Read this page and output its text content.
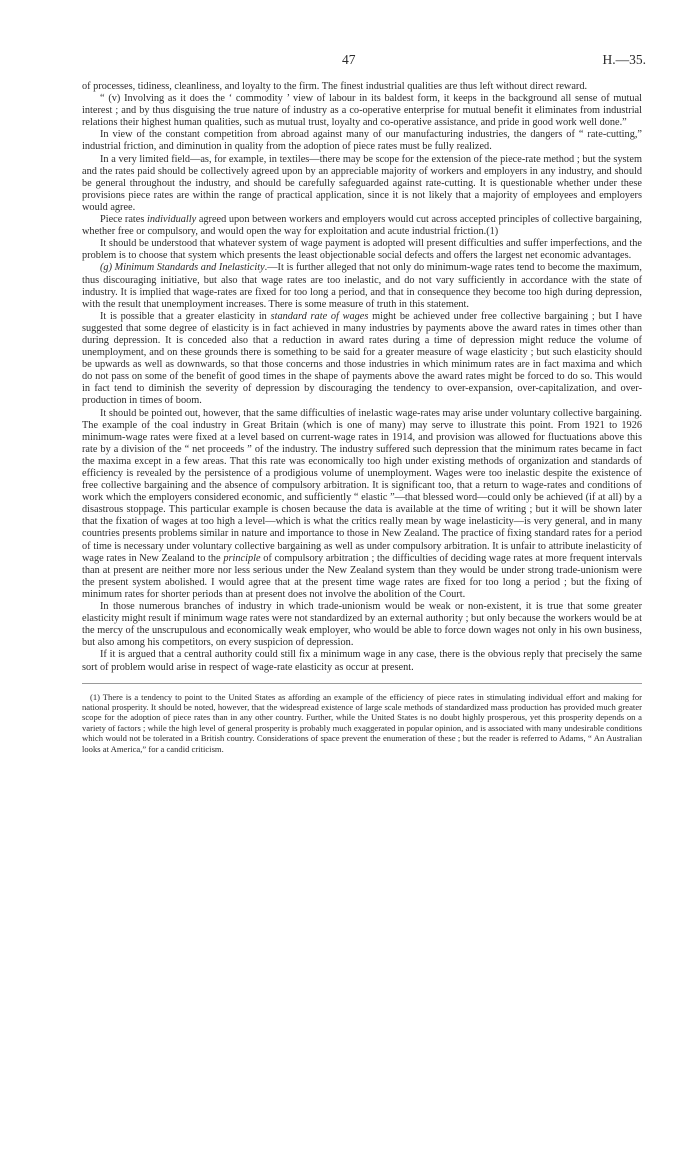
47	H.—35.

of processes, tidiness, cleanliness, and loyalty to the firm. The finest industrial qualities are thus left without direct reward.

“ (v) Involving as it does the ‘ commodity ’ view of labour in its baldest form, it keeps in the background all sense of mutual interest ; and by thus disguising the true nature of industry as a co-operative enterprise for mutual benefit it eliminates from industrial relations their highest human qualities, such as mutual trust, loyalty and co-operative assistance, and pride in good work well done.”

In view of the constant competition from abroad against many of our manufacturing industries, the dangers of “ rate-cutting,” industrial friction, and diminution in quality from the adoption of piece rates must be fully realized.

In a very limited field—as, for example, in textiles—there may be scope for the extension of the piece-rate method ; but the system and the rates paid should be collectively agreed upon by an appreciable majority of workers and employers in any industry, and should be general throughout the industry, and should be carefully safeguarded against rate-cutting. It is questionable whether under these provisions piece rates are within the range of practical application, since it is not likely that a majority of employees and employers would agree.

Piece rates individually agreed upon between workers and employers would cut across accepted principles of collective bargaining, whether free or compulsory, and would open the way for exploitation and acute industrial friction.(1)

It should be understood that whatever system of wage payment is adopted will present difficulties and suffer imperfections, and the problem is to choose that system which presents the least objectionable social defects and offers the largest net economic advantages.

(g) Minimum Standards and Inelasticity.—It is further alleged that not only do minimum-wage rates tend to become the maximum, thus discouraging initiative, but also that wage rates are too inelastic, and do not vary sufficiently in accordance with the state of industry. It is implied that wage-rates are fixed for too long a period, and that in consequence they become too high during depression, with the result that unemployment increases. There is some measure of truth in this statement.

It is possible that a greater elasticity in standard rate of wages might be achieved under free collective bargaining ; but I have suggested that some degree of elasticity is in fact achieved in many industries by payments above the award rates in times other than during depression. It is conceded also that a reduction in award rates during a time of depression might reduce the volume of unemployment, and on these grounds there is something to be said for a greater measure of wage elasticity ; but such elasticity should be upwards as well as downwards, so that those concerns and those industries in which minimum rates are in fact maxima and which do not pass on some of the benefit of good times in the shape of payments above the award rates might be forced to do so. This would in fact tend to diminish the severity of depression by discouraging the tendency to over-expansion, over-capitalization, and over-production in times of boom.

It should be pointed out, however, that the same difficulties of inelastic wage-rates may arise under voluntary collective bargaining. The example of the coal industry in Great Britain (which is one of many) may serve to illustrate this point. From 1921 to 1926 minimum-wage rates were fixed at a level based on current-wage rates in 1914, and provision was allowed for fluctuations above this rate by a division of the “ net proceeds ” of the industry. The industry suffered such depression that the minimum rates became in fact the maxima except in a few areas. That this rate was economically too high under existing methods of organization and standards of efficiency is revealed by the persistence of a prodigious volume of unemployment. Wages were too inelastic despite the existence of free collective bargaining and the absence of compulsory arbitration. It is significant too, that a return to wage-rates and conditions of work which the employers considered economic, and sufficiently “ elastic ”—that blessed word—could only be achieved (if at all) by a disastrous stoppage. This particular example is chosen because the data is available at the time of writing ; but it will be shown later that the fixation of wages at too high a level—which is what the critics really mean by wage inelasticity—is very general, and in many countries presents problems similar in nature and importance to those in New Zealand. The practice of fixing standard rates for a period of time is necessary under voluntary collective bargaining as well as under compulsory arbitration. It is unfair to attribute inelasticity of wage rates in New Zealand to the principle of compulsory arbitration ; the difficulties of deciding wage rates at more frequent intervals than at present are neither more nor less serious under the New Zealand system than they would be under strong trade-unionism were the present system abolished. I would agree that at the present time wage rates are fixed for too long a period ; but the fixing of minimum rates for shorter periods than at present does not involve the abolition of the Court.

In those numerous branches of industry in which trade-unionism would be weak or non-existent, it is true that some greater elasticity might result if minimum wage rates were not standardized by an external authority ; but only because the workers would be at the mercy of the unscrupulous and economically weak employer, who would be able to force down wages not only in his own business, but also among his competitors, on every suspicion of depression.

If it is argued that a central authority could still fix a minimum wage in any case, there is the obvious reply that precisely the same sort of problem would arise in respect of wage-rate elasticity as occur at present.

(1) There is a tendency to point to the United States as affording an example of the efficiency of piece rates in stimulating individual effort and making for national prosperity. It should be noted, however, that the widespread existence of large scale methods of standardized mass production has provided much greater scope for the adoption of piece rates than in any other country. Further, while the United States is no doubt highly prosperous, yet this prosperity depends on a variety of factors ; while the high level of general prosperity is probably much exaggerated in popular opinion, and is associated with many undesirable conditions which would not be tolerated in a British country. Considerations of space prevent the enumeration of these ; but the reader is referred to Adams, “ An Australian looks at America,” for a candid criticism.
